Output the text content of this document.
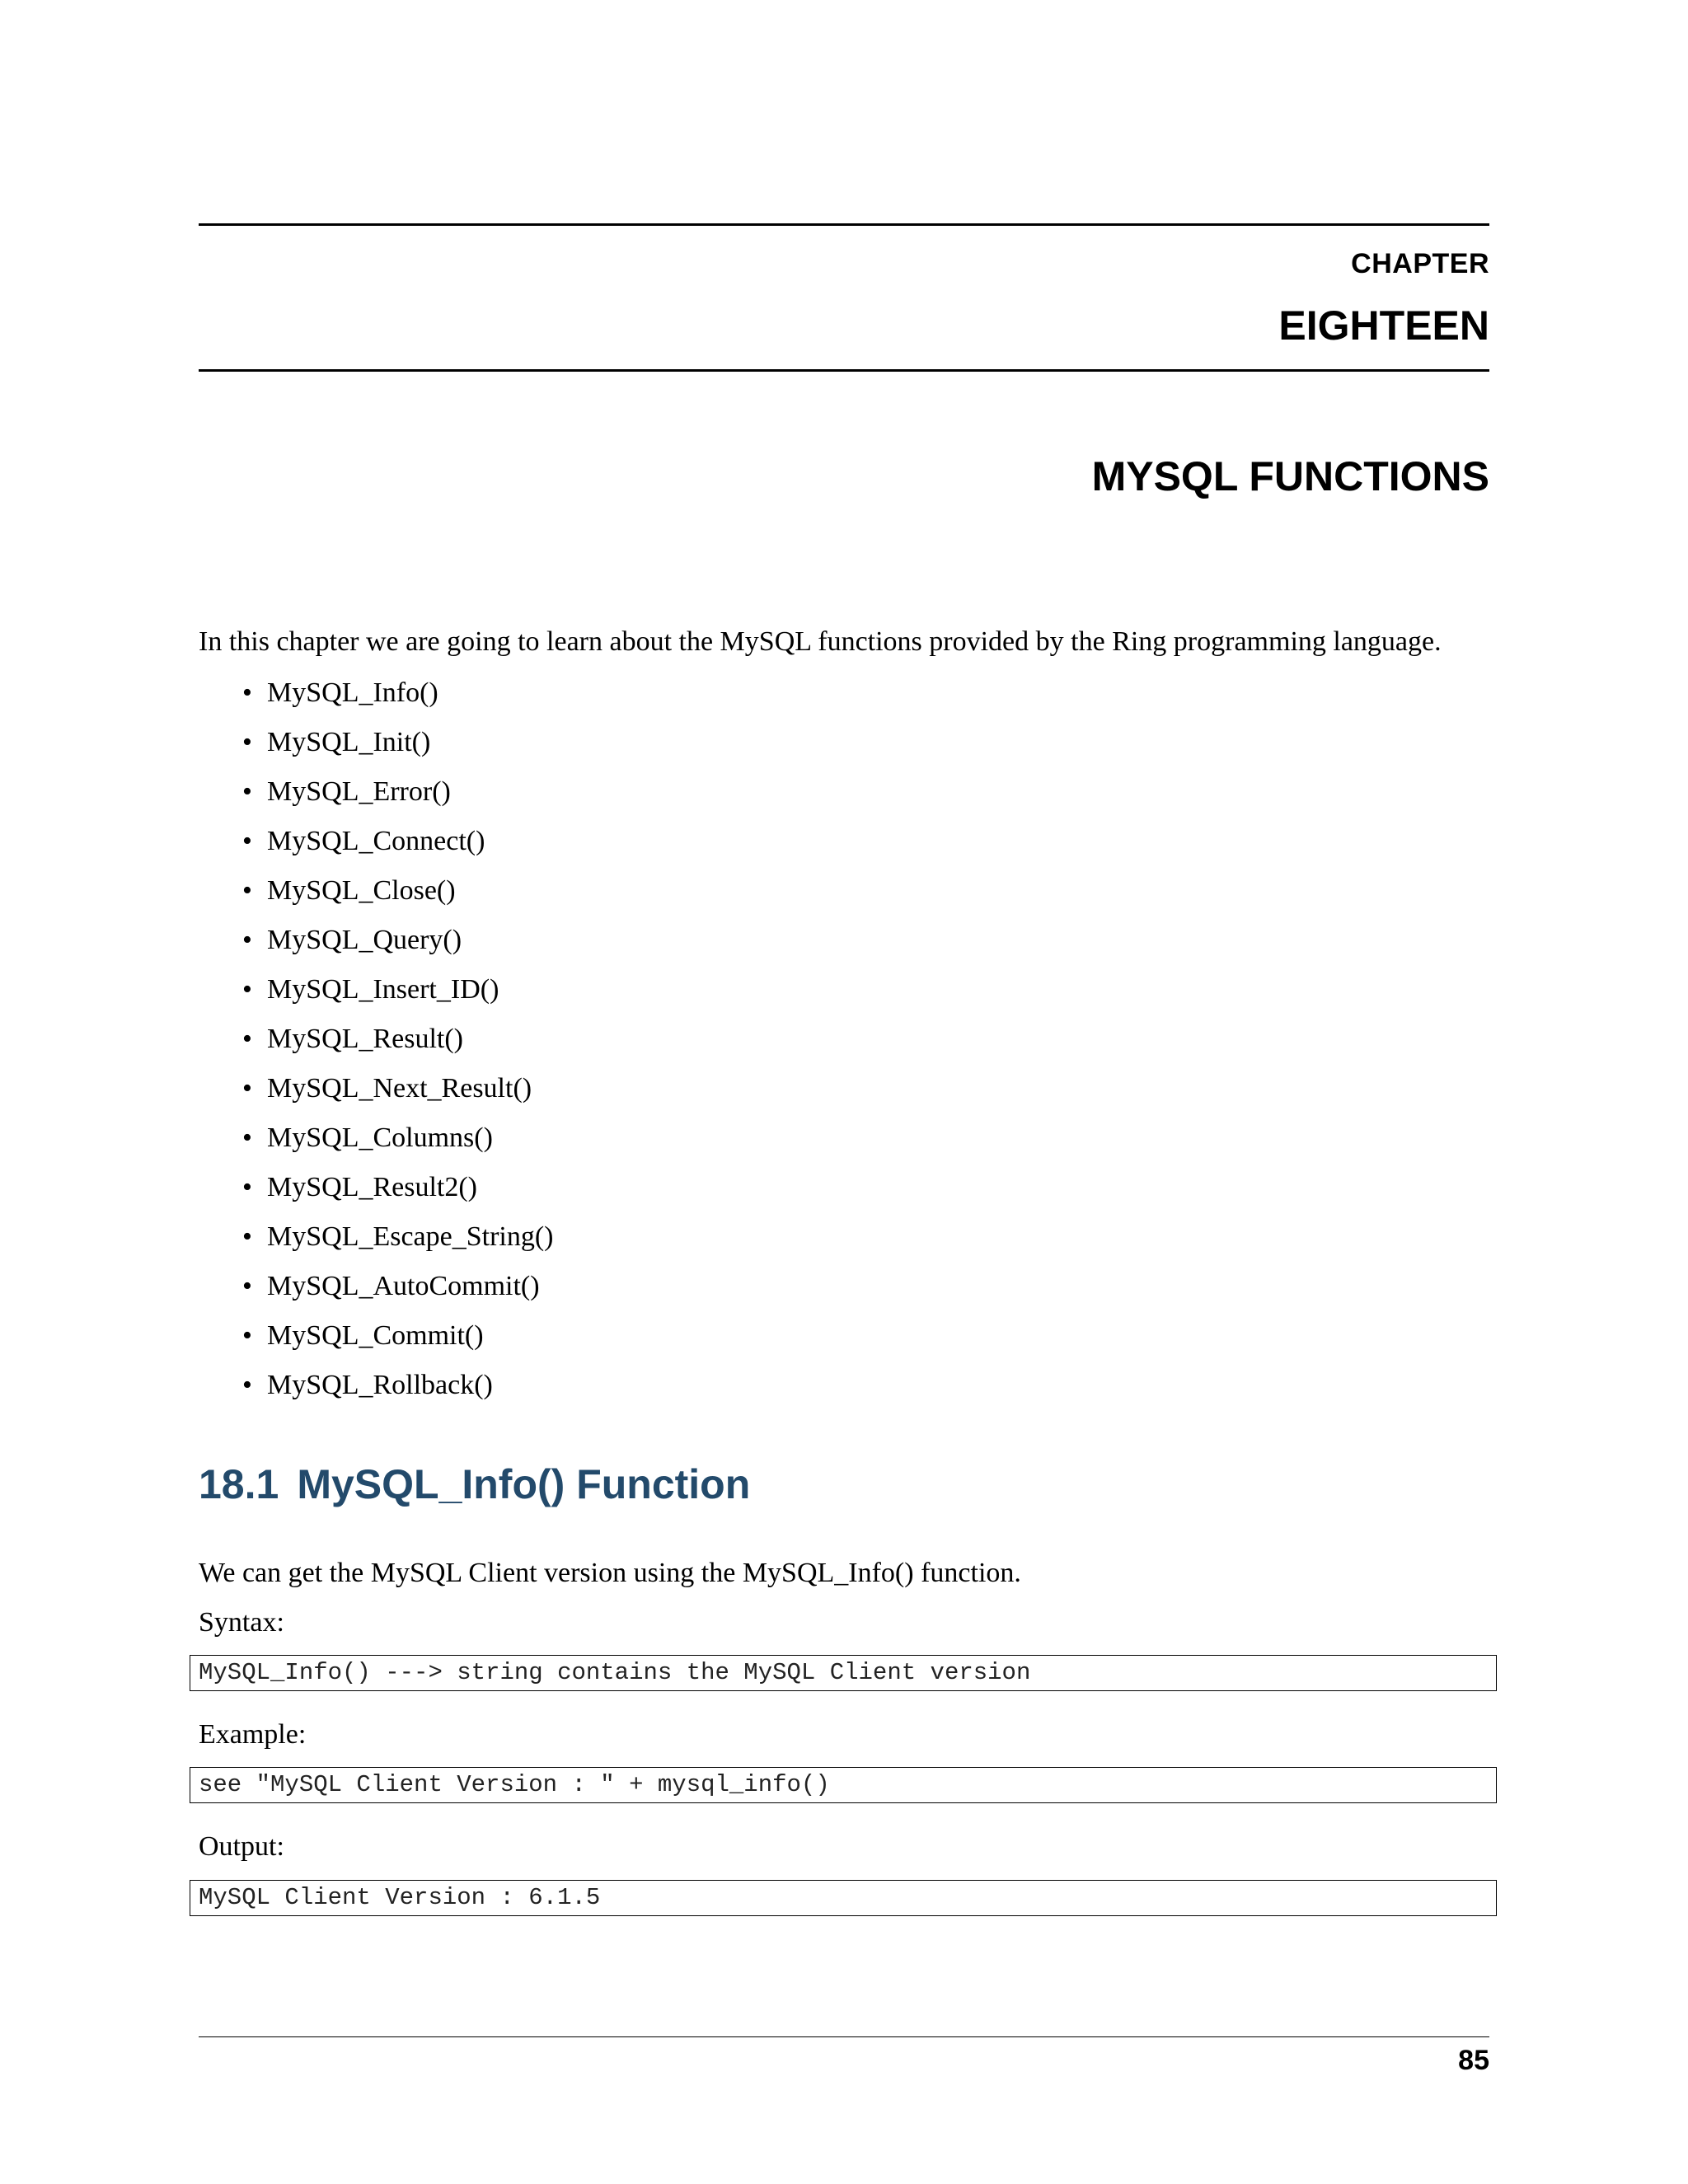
CHAPTER
EIGHTEEN
MYSQL FUNCTIONS
In this chapter we are going to learn about the MySQL functions provided by the Ring programming language.
• MySQL_Info()
• MySQL_Init()
• MySQL_Error()
• MySQL_Connect()
• MySQL_Close()
• MySQL_Query()
• MySQL_Insert_ID()
• MySQL_Result()
• MySQL_Next_Result()
• MySQL_Columns()
• MySQL_Result2()
• MySQL_Escape_String()
• MySQL_AutoCommit()
• MySQL_Commit()
• MySQL_Rollback()
18.1 MySQL_Info() Function
We can get the MySQL Client version using the MySQL_Info() function.
Syntax:
MySQL_Info() ---> string contains the MySQL Client version
Example:
see "MySQL Client Version : " + mysql_info()
Output:
MySQL Client Version : 6.1.5
85
